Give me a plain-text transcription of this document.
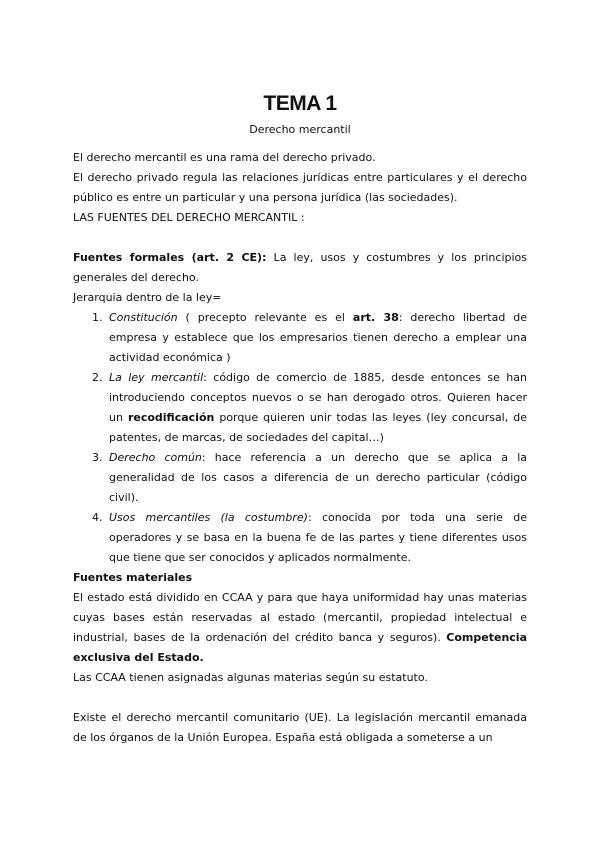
TEMA 1
Derecho mercantil

El derecho mercantil es una rama del derecho privado.

El derecho privado regula las relaciones jurídicas entre particulares y el derecho público es entre un particular y una persona jurídica (las sociedades).

LAS FUENTES DEL DERECHO MERCANTIL :

Fuentes formales (art. 2 CE): La ley, usos y costumbres y los principios generales del derecho.

Jerarquia dentro de la ley=

1. Constitución ( precepto relevante es el art. 38: derecho libertad de empresa y establece que los empresarios tienen derecho a emplear una actividad económica )
2. La ley mercantil: código de comercio de 1885, desde entonces se han introduciendo conceptos nuevos o se han derogado otros. Quieren hacer un recodificación porque quieren unir todas las leyes (ley concursal, de patentes, de marcas, de sociedades del capital…)
3. Derecho común: hace referencia a un derecho que se aplica a la generalidad de los casos a diferencia de un derecho particular (código civil).
4. Usos mercantiles (la costumbre): conocida por toda una serie de operadores y se basa en la buena fe de las partes y tiene diferentes usos que tiene que ser conocidos y aplicados normalmente.

Fuentes materiales

El estado está dividido en CCAA y para que haya uniformidad hay unas materias cuyas bases están reservadas al estado (mercantil, propiedad intelectual e industrial, bases de la ordenación del crédito banca y seguros). Competencia exclusiva del Estado.

Las CCAA tienen asignadas algunas materias según su estatuto.

Existe el derecho mercantil comunitario (UE). La legislación mercantil emanada de los órganos de la Unión Europea. España está obligada a someterse a un
